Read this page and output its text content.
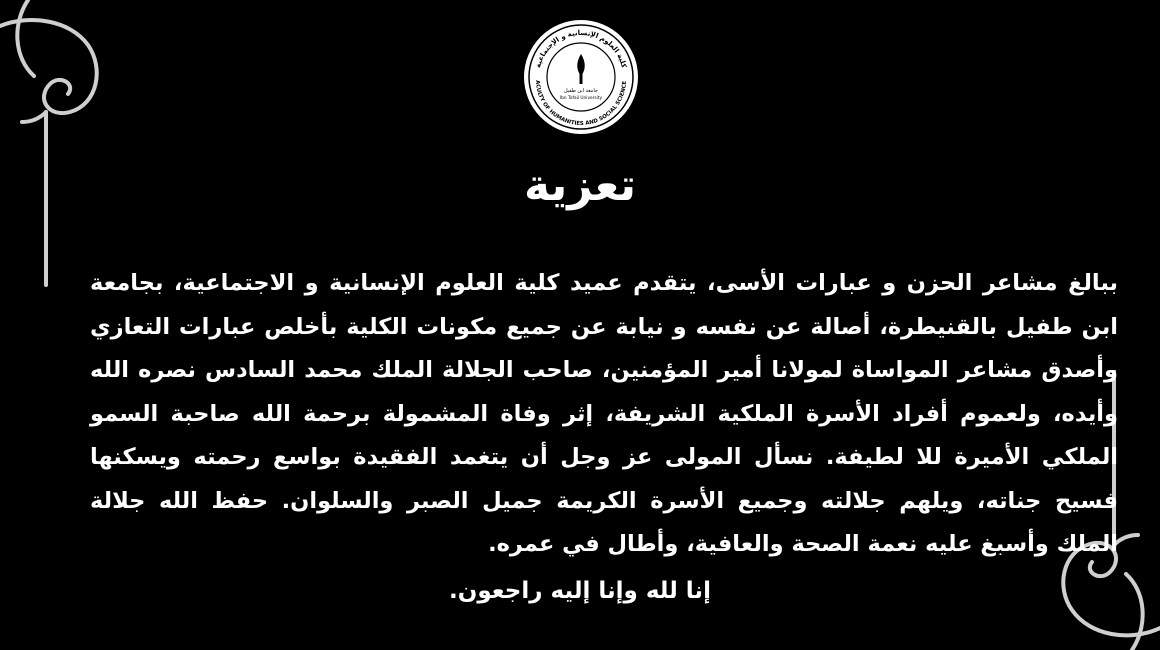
كلية العلوم الإنسانية و الإجتماعية
ACULTY OF HUMANITIES AND SOCIAL SCIENCE
جامعة ابن طفيل
Ibn Tofail University
تعزية

ببالغ مشاعر الحزن و عبارات الأسى، يتقدم عميد كلية العلوم الإنسانية و الاجتماعية، بجامعة ابن طفيل بالقنيطرة، أصالة عن نفسه و نيابة عن جميع مكونات الكلية بأخلص عبارات التعازي وأصدق مشاعر المواساة لمولانا أمير المؤمنين، صاحب الجلالة الملك محمد السادس نصره الله وأيده، ولعموم أفراد الأسرة الملكية الشريفة، إثر وفاة المشمولة برحمة الله صاحبة السمو الملكي الأميرة للا لطيفة. نسأل المولى عز وجل أن يتغمد الفقيدة بواسع رحمته ويسكنها فسيح جناته، ويلهم جلالته وجميع الأسرة الكريمة جميل الصبر والسلوان. حفظ الله جلالة الملك وأسبغ عليه نعمة الصحة والعافية، وأطال في عمره.

إنا لله وإنا إليه راجعون.
